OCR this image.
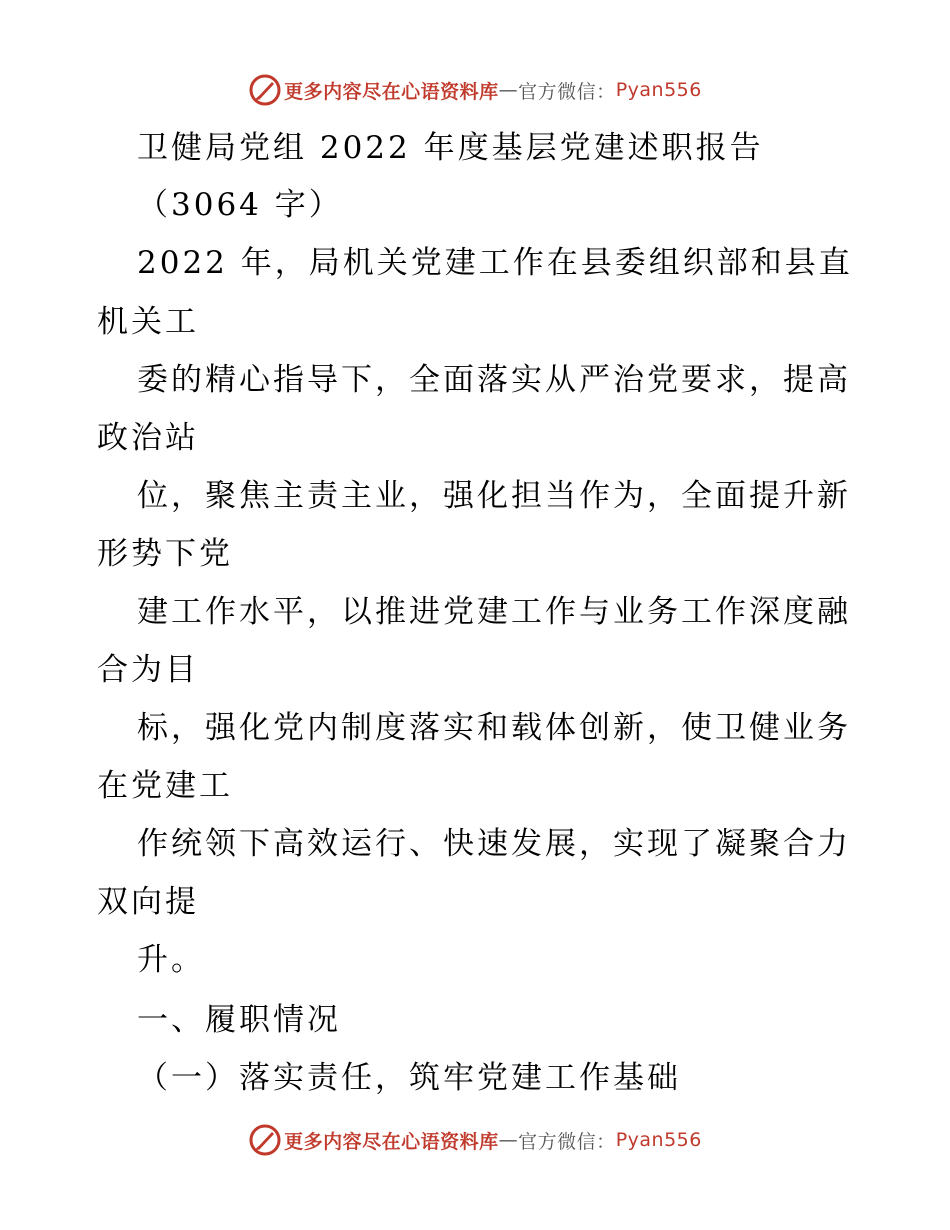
更多内容尽在心语资料库 — 官方微信： Pyan556
卫健局党组 2022 年度基层党建述职报告
（3064 字）
2022 年，局机关党建工作在县委组织部和县直
机关工
委的精心指导下，全面落实从严治党要求，提高
政治站
位，聚焦主责主业，强化担当作为，全面提升新
形势下党
建工作水平，以推进党建工作与业务工作深度融
合为目
标，强化党内制度落实和载体创新，使卫健业务
在党建工
作统领下高效运行、快速发展，实现了凝聚合力
双向提
升。
一、履职情况
（一）落实责任，筑牢党建工作基础
更多内容尽在心语资料库 — 官方微信： Pyan556
